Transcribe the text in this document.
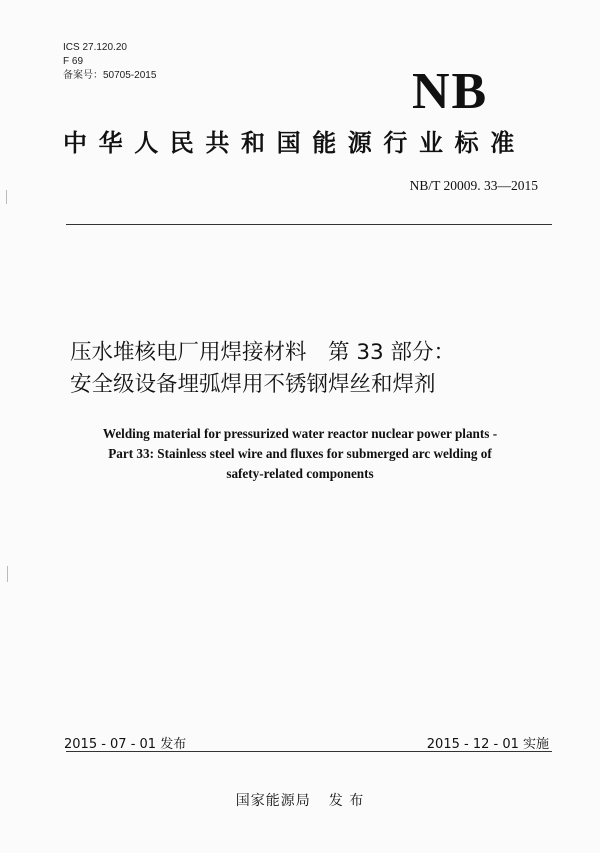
ICS 27.120.20
F 69
备案号：50705-2015	NB
中华人民共和国能源行业标准
NB/T 20009. 33—2015
压水堆核电厂用焊接材料　第 33 部分：
安全级设备埋弧焊用不锈钢焊丝和焊剂
Welding material for pressurized water reactor nuclear power plants -
Part 33: Stainless steel wire and fluxes for submerged arc welding of
safety-related components
2015 - 07 - 01 发布	2015 - 12 - 01 实施
国家能源局 发 布
